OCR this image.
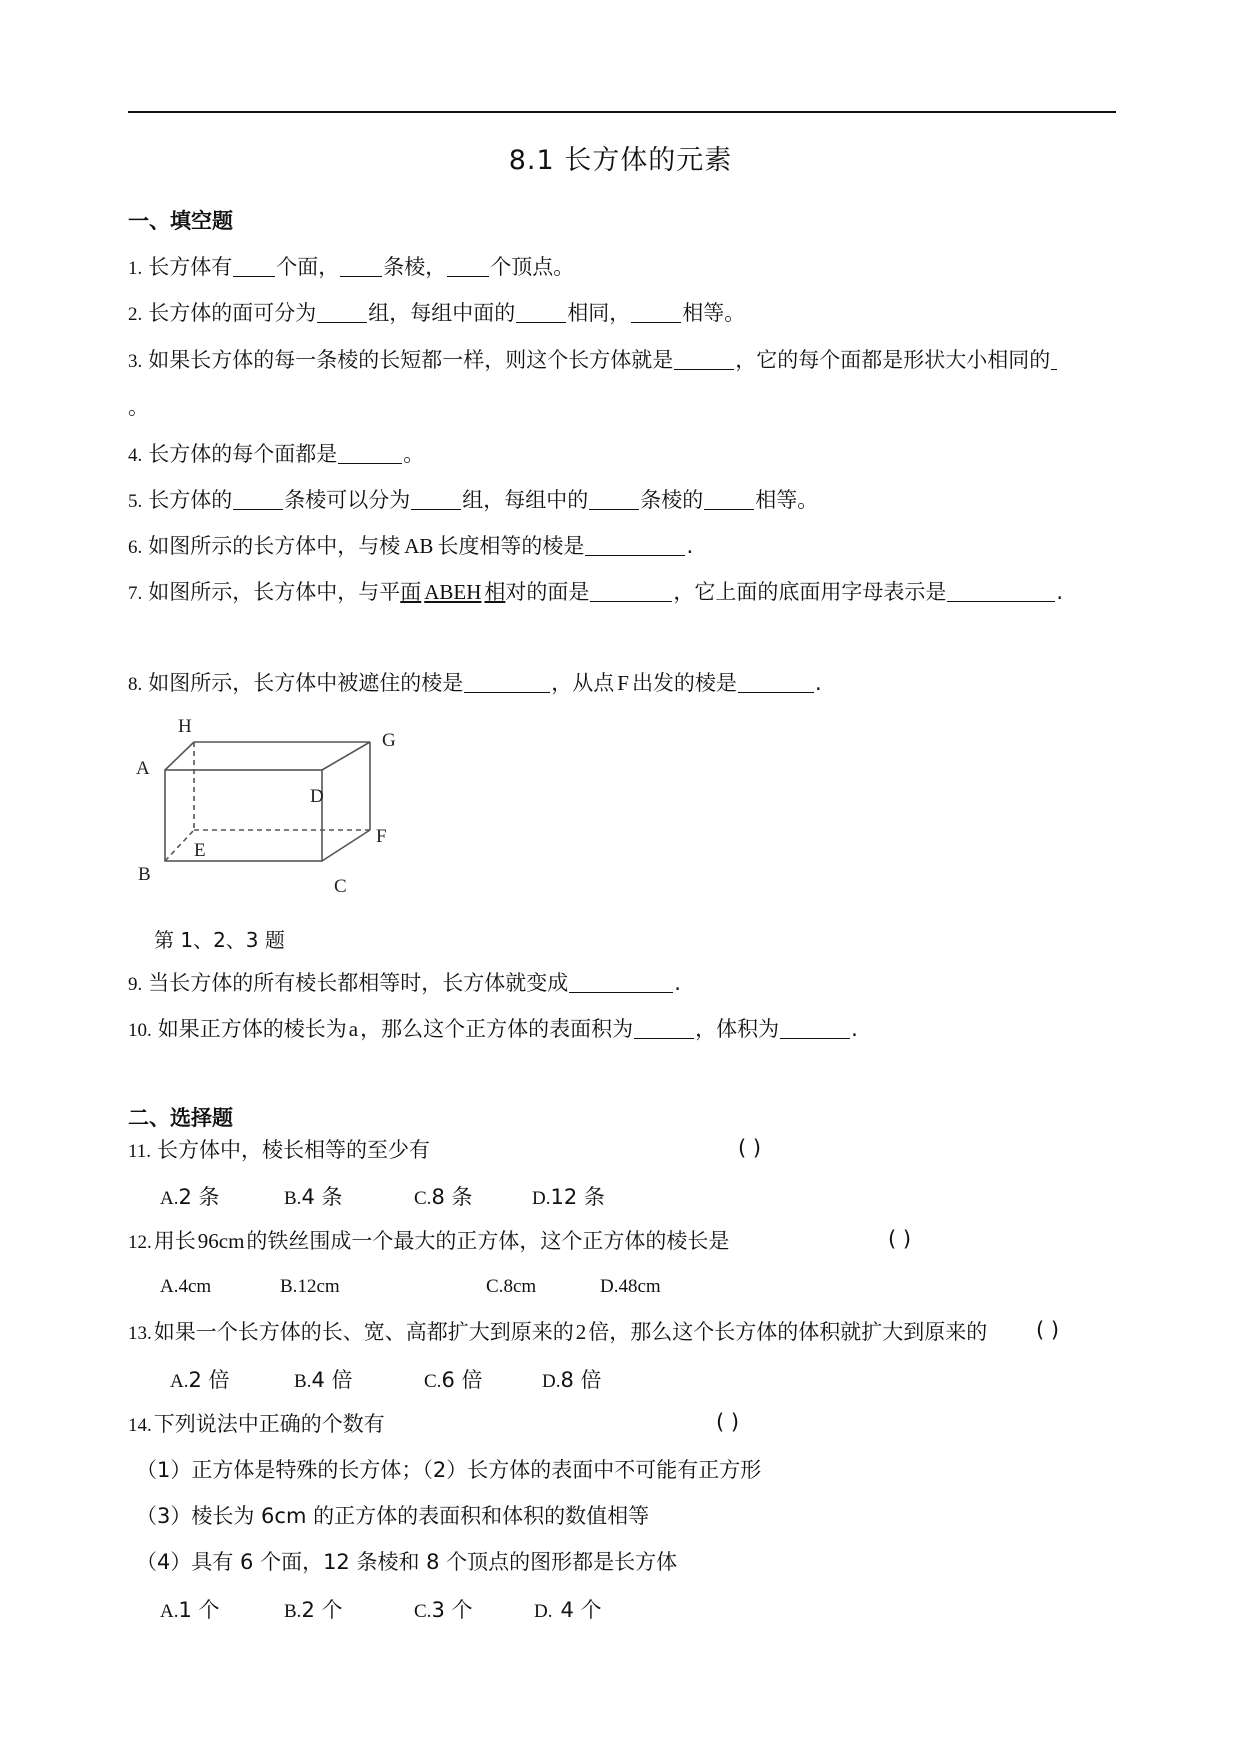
8.1 长方体的元素
一、填空题
1. 长方体有 个面， 条棱， 个顶点。
2. 长方体的面可分为 组，每组中面的 相同， 相等。
3. 如果长方体的每一条棱的长短都一样，则这个长方体就是	，它的每个面都是形状大小相同的
。
4. 长方体的每个面都是	。
5. 长方体的 条棱可以分为 组，每组中的 条棱的 相等。
6. 如图所示的长方体中，与棱 AB 长度相等的棱是	.
7. 如图所示，长方体中，与平面 ABEH 相对的面是	，它上面的底面用字母表示是	.
8. 如图所示，长方体中被遮住的棱是	，从点 F 出发的棱是	.
H
G
A
D
F
E
B
C
第 1、2、3 题
9. 当长方体的所有棱长都相等时，长方体就变成	.
10. 如果正方体的棱长为a，那么这个正方体的表面积为	，体积为	.
二、选择题
11. 长方体中，棱长相等的至少有	( )
A.2 条	B.4 条	C.8 条	D.12 条
12.用长96cm的铁丝围成一个最大的正方体，这个正方体的棱长是	( )
A.4cm	B.12cm	C.8cm	D.48cm
13.如果一个长方体的长、宽、高都扩大到原来的2倍，那么这个长方体的体积就扩大到原来的 ( )
A.2 倍	B.4 倍	C.6 倍	D.8 倍
14.下列说法中正确的个数有	( )
（1）正方体是特殊的长方体；（2）长方体的表面中不可能有正方形
（3）棱长为 6cm 的正方体的表面积和体积的数值相等
（4）具有 6 个面，12 条棱和 8 个顶点的图形都是长方体
A.1 个	B.2 个	C.3 个	D. 4 个
